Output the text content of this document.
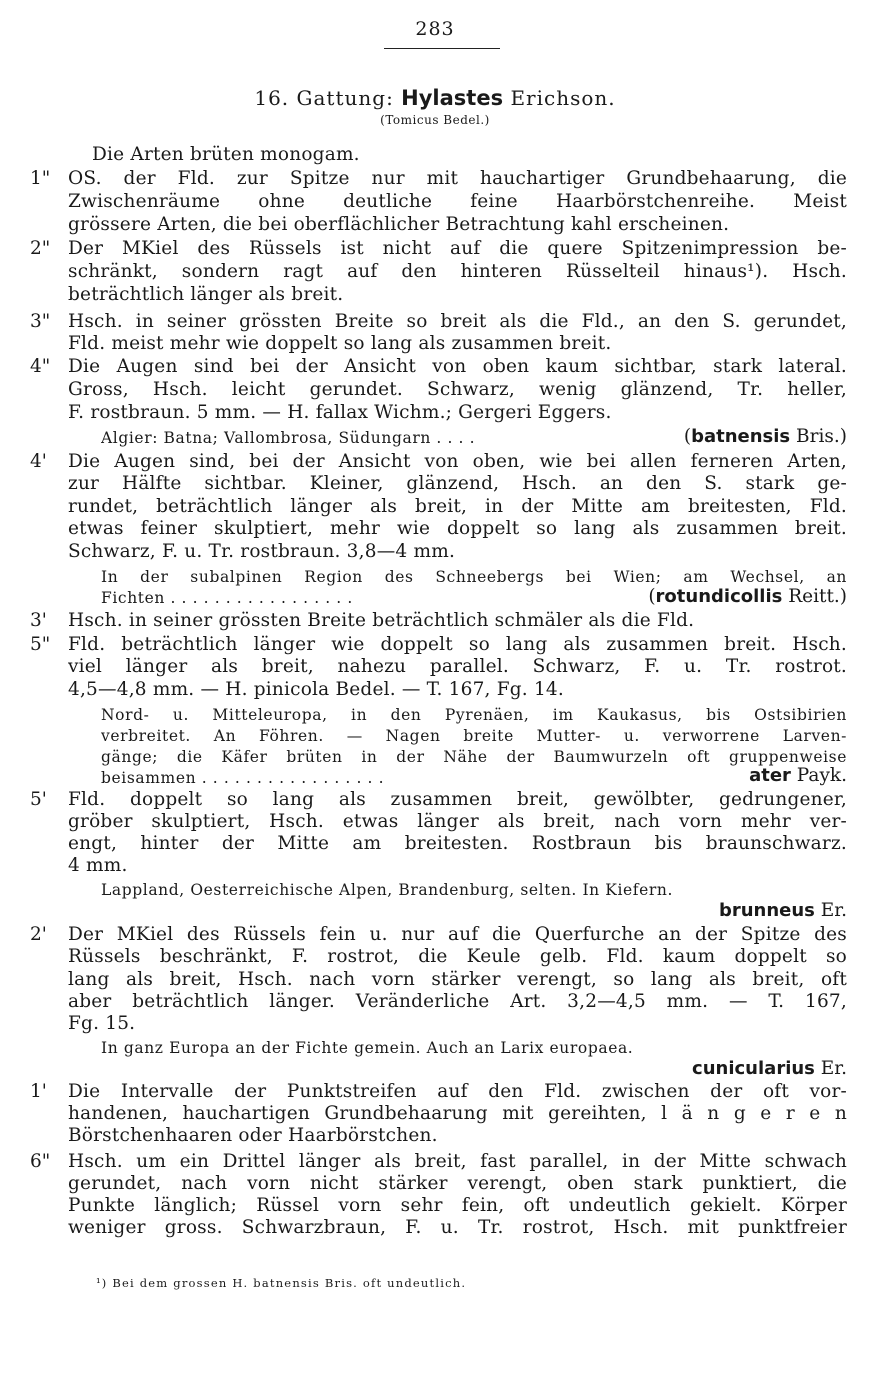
283
16. Gattung: Hylastes Erichson.
(Tomicus Bedel.)
Die Arten brüten monogam.
1" OS. der Fld. zur Spitze nur mit hauchartiger Grundbehaarung, die
Zwischenräume ohne deutliche feine Haarbörstchenreihe. Meist
grössere Arten, die bei oberflächlicher Betrachtung kahl erscheinen.
2" Der MKiel des Rüssels ist nicht auf die quere Spitzenimpression be-
schränkt, sondern ragt auf den hinteren Rüsselteil hinaus¹). Hsch.
beträchtlich länger als breit.
3" Hsch. in seiner grössten Breite so breit als die Fld., an den S. gerundet,
Fld. meist mehr wie doppelt so lang als zusammen breit.
4" Die Augen sind bei der Ansicht von oben kaum sichtbar, stark lateral.
Gross, Hsch. leicht gerundet. Schwarz, wenig glänzend, Tr. heller,
F. rostbraun. 5 mm. — H. fallax Wichm.; Gergeri Eggers.
Algier: Batna; Vallombrosa, Südungarn . . . .	(batnensis Bris.)
4'	Die Augen sind, bei der Ansicht von oben, wie bei allen ferneren Arten,
zur Hälfte sichtbar. Kleiner, glänzend, Hsch. an den S. stark ge-
rundet, beträchtlich länger als breit, in der Mitte am breitesten, Fld.
etwas feiner skulptiert, mehr wie doppelt so lang als zusammen breit.
Schwarz, F. u. Tr. rostbraun. 3,8—4 mm.
In der subalpinen Region des Schneebergs bei Wien; am Wechsel, an
Fichten . . . . . . . . . . . . . . . . .	(rotundicollis Reitt.)
3'	Hsch. in seiner grössten Breite beträchtlich schmäler als die Fld.
5" Fld. beträchtlich länger wie doppelt so lang als zusammen breit. Hsch.
viel länger als breit, nahezu parallel. Schwarz, F. u. Tr. rostrot.
4,5—4,8 mm. — H. pinicola Bedel. — T. 167, Fg. 14.
Nord- u. Mitteleuropa, in den Pyrenäen, im Kaukasus, bis Ostsibirien
verbreitet. An Föhren. — Nagen breite Mutter- u. verworrene Larven-
gänge; die Käfer brüten in der Nähe der Baumwurzeln oft gruppenweise
beisammen . . . . . . . . . . . . . . . . .	ater Payk.
5'	Fld. doppelt so lang als zusammen breit, gewölbter, gedrungener,
gröber skulptiert, Hsch. etwas länger als breit, nach vorn mehr ver-
engt, hinter der Mitte am breitesten. Rostbraun bis braunschwarz.
4 mm.
Lappland, Oesterreichische Alpen, Brandenburg, selten. In Kiefern.
brunneus Er.
2'	Der MKiel des Rüssels fein u. nur auf die Querfurche an der Spitze des
Rüssels beschränkt, F. rostrot, die Keule gelb. Fld. kaum doppelt so
lang als breit, Hsch. nach vorn stärker verengt, so lang als breit, oft
aber beträchtlich länger. Veränderliche Art. 3,2—4,5 mm. — T. 167,
Fg. 15.
In ganz Europa an der Fichte gemein. Auch an Larix europaea.
cunicularius Er.
1'	Die Intervalle der Punktstreifen auf den Fld. zwischen der oft vor-
handenen, hauchartigen Grundbehaarung mit gereihten, l ä n g e r e n
Börstchenhaaren oder Haarbörstchen.
6" Hsch. um ein Drittel länger als breit, fast parallel, in der Mitte schwach
gerundet, nach vorn nicht stärker verengt, oben stark punktiert, die
Punkte länglich; Rüssel vorn sehr fein, oft undeutlich gekielt. Körper
weniger gross. Schwarzbraun, F. u. Tr. rostrot, Hsch. mit punktfreier
¹) Bei dem grossen H. batnensis Bris. oft undeutlich.
